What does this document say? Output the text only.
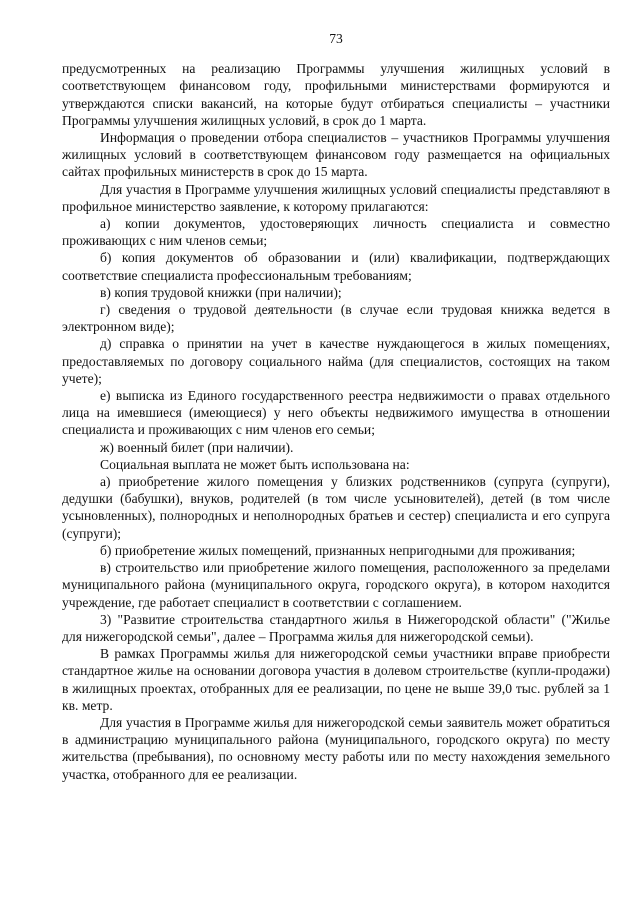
73

предусмотренных на реализацию Программы улучшения жилищных условий в соответствующем финансовом году, профильными министерствами формируются и утверждаются списки вакансий, на которые будут отбираться специалисты – участники Программы улучшения жилищных условий, в срок до 1 марта.

Информация о проведении отбора специалистов – участников Программы улучшения жилищных условий в соответствующем финансовом году размещается на официальных сайтах профильных министерств в срок до 15 марта.

Для участия в Программе улучшения жилищных условий специалисты представляют в профильное министерство заявление, к которому прилагаются:

а) копии документов, удостоверяющих личность специалиста и совместно проживающих с ним членов семьи;

б) копия документов об образовании и (или) квалификации, подтверждающих соответствие специалиста профессиональным требованиям;

в) копия трудовой книжки (при наличии);

г) сведения о трудовой деятельности (в случае если трудовая книжка ведется в электронном виде);

д) справка о принятии на учет в качестве нуждающегося в жилых помещениях, предоставляемых по договору социального найма (для специалистов, состоящих на таком учете);

е) выписка из Единого государственного реестра недвижимости о правах отдельного лица на имевшиеся (имеющиеся) у него объекты недвижимого имущества в отношении специалиста и проживающих с ним членов его семьи;

ж) военный билет (при наличии).

Социальная выплата не может быть использована на:

а) приобретение жилого помещения у близких родственников (супруга (супруги), дедушки (бабушки), внуков, родителей (в том числе усыновителей), детей (в том числе усыновленных), полнородных и неполнородных братьев и сестер) специалиста и его супруга (супруги);

б) приобретение жилых помещений, признанных непригодными для проживания;

в) строительство или приобретение жилого помещения, расположенного за пределами муниципального района (муниципального округа, городского округа), в котором находится учреждение, где работает специалист в соответствии с соглашением.

3) "Развитие строительства стандартного жилья в Нижегородской области" ("Жилье для нижегородской семьи", далее – Программа жилья для нижегородской семьи).

В рамках Программы жилья для нижегородской семьи участники вправе приобрести стандартное жилье на основании договора участия в долевом строительстве (купли-продажи) в жилищных проектах, отобранных для ее реализации, по цене не выше 39,0 тыс. рублей за 1 кв. метр.

Для участия в Программе жилья для нижегородской семьи заявитель может обратиться в администрацию муниципального района (муниципального, городского округа) по месту жительства (пребывания), по основному месту работы или по месту нахождения земельного участка, отобранного для ее реализации.
